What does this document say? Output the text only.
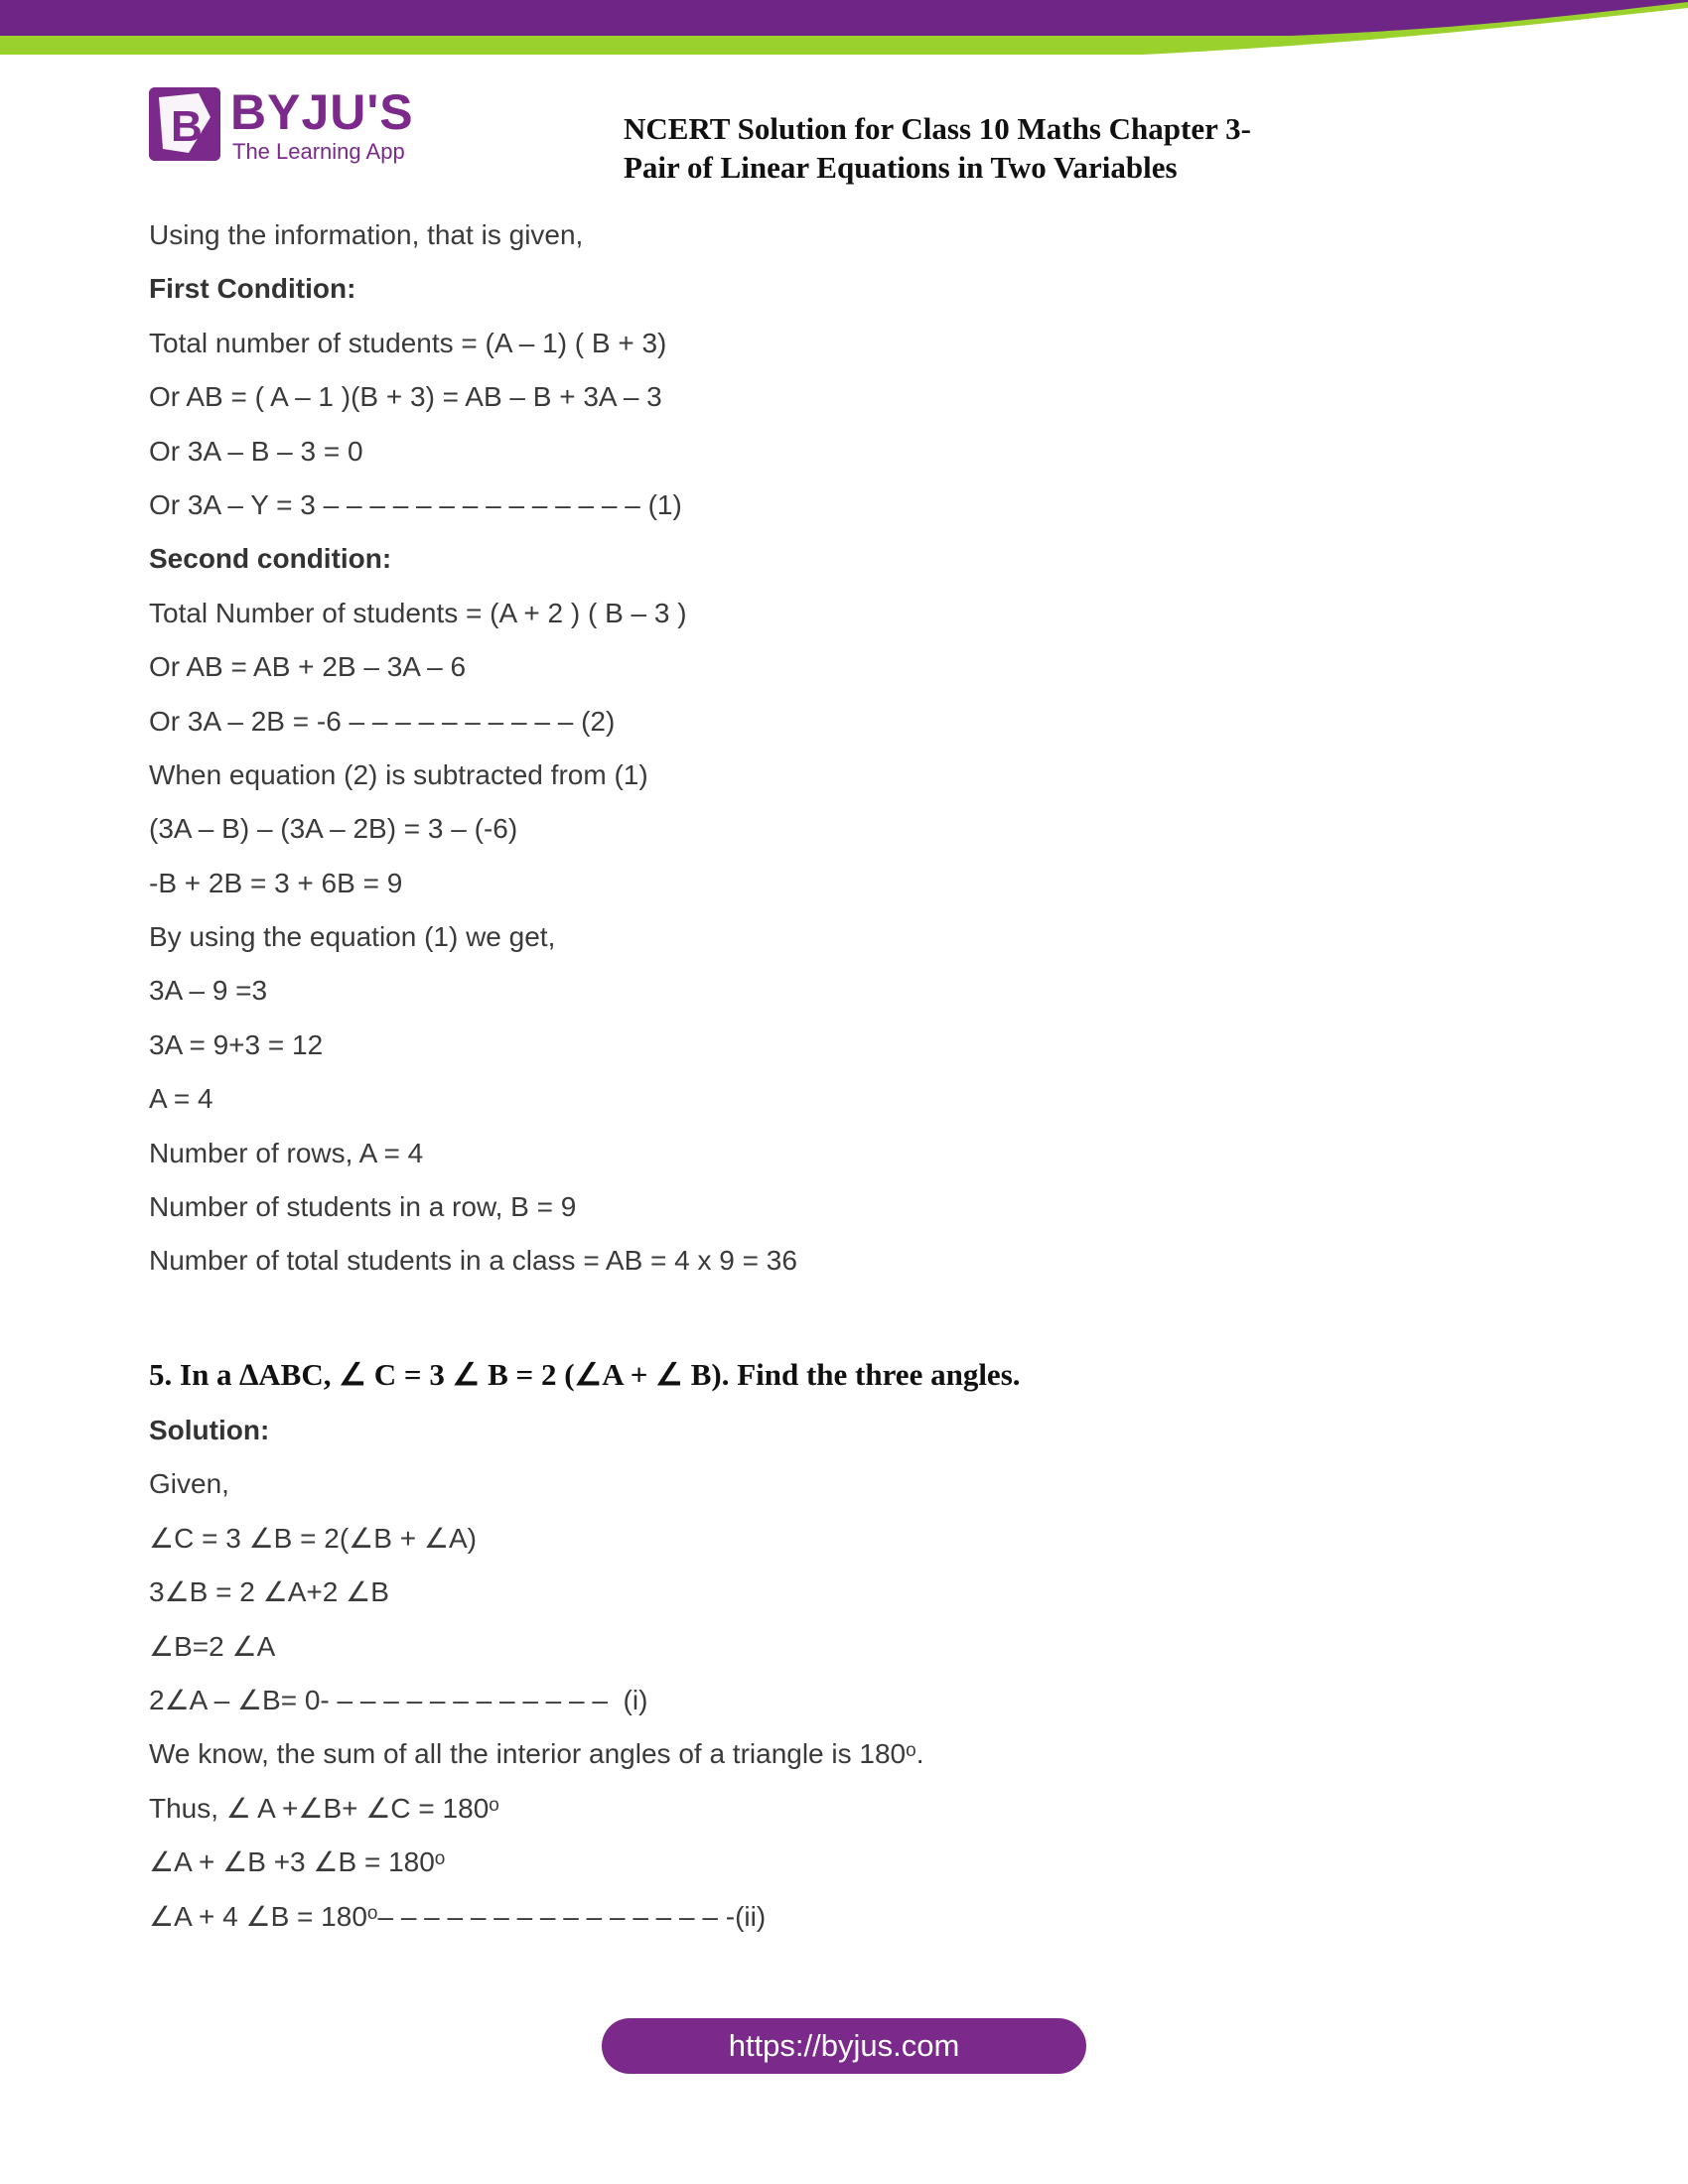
B BYJU'S
The Learning App
NCERT Solution for Class 10 Maths Chapter 3-
Pair of Linear Equations in Two Variables
Using the information, that is given,
First Condition:
Total number of students = (A – 1) ( B + 3)
Or AB = ( A – 1 )(B + 3) = AB – B + 3A – 3
Or 3A – B – 3 = 0
Or 3A – Y = 3 – – – – – – – – – – – – – – (1)
Second condition:
Total Number of students = (A + 2 ) ( B – 3 )
Or AB = AB + 2B – 3A – 6
Or 3A – 2B = -6 – – – – – – – – – – (2)
When equation (2) is subtracted from (1)
(3A – B) – (3A – 2B) = 3 – (-6)
-B + 2B = 3 + 6B = 9
By using the equation (1) we get,
3A – 9 =3
3A = 9+3 = 12
A = 4
Number of rows, A = 4
Number of students in a row, B = 9
Number of total students in a class = AB = 4 x 9 = 36
5. In a ∆ABC, ∠ C = 3 ∠ B = 2 (∠A + ∠ B). Find the three angles.
Solution:
Given,
∠C = 3 ∠B = 2(∠B + ∠A)
3∠B = 2 ∠A+2 ∠B
∠B=2 ∠A
2∠A – ∠B= 0- – – – – – – – – – – – –  (i)
We know, the sum of all the interior angles of a triangle is 180ᵒ.
Thus, ∠ A +∠B+ ∠C = 180ᵒ
∠A + ∠B +3 ∠B = 180ᵒ
∠A + 4 ∠B = 180ᵒ– – – – – – – – – – – – – – – -(ii)
https://byjus.com
